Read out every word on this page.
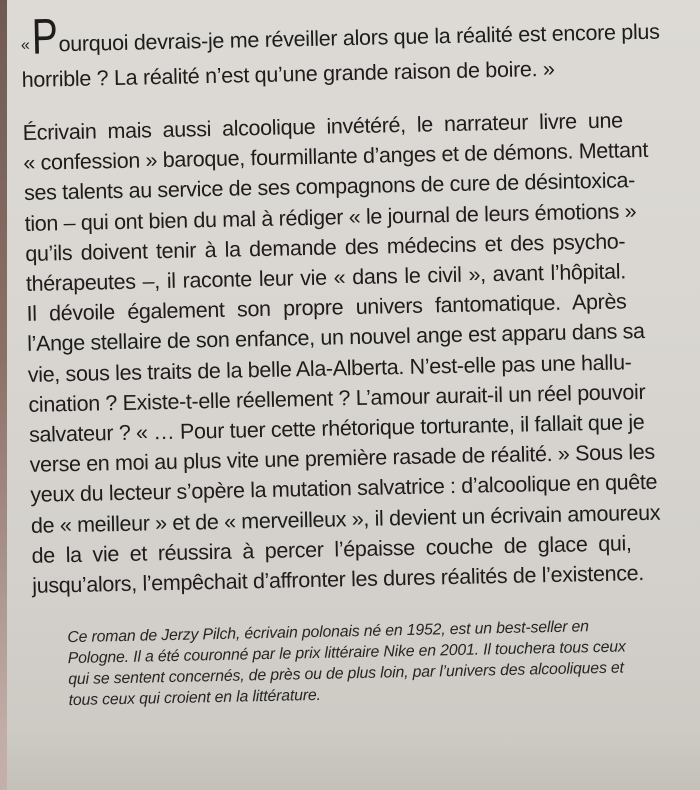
«Pourquoi devrais-je me réveiller alors que la réalité est encore plus
horrible ? La réalité n’est qu’une grande raison de boire. »
Écrivain mais aussi alcoolique invétéré, le narrateur livre une
« confession » baroque, fourmillante d’anges et de démons. Mettant
ses talents au service de ses compagnons de cure de désintoxica-
tion – qui ont bien du mal à rédiger « le journal de leurs émotions »
qu’ils doivent tenir à la demande des médecins et des psycho-
thérapeutes –, il raconte leur vie « dans le civil », avant l’hôpital.
Il dévoile également son propre univers fantomatique. Après
l’Ange stellaire de son enfance, un nouvel ange est apparu dans sa
vie, sous les traits de la belle Ala-Alberta. N’est-elle pas une hallu-
cination ? Existe-t-elle réellement ? L’amour aurait-il un réel pouvoir
salvateur ? « … Pour tuer cette rhétorique torturante, il fallait que je
verse en moi au plus vite une première rasade de réalité. » Sous les
yeux du lecteur s’opère la mutation salvatrice : d’alcoolique en quête
de « meilleur » et de « merveilleux », il devient un écrivain amoureux
de la vie et réussira à percer l’épaisse couche de glace qui,
jusqu’alors, l’empêchait d’affronter les dures réalités de l’existence.
Ce roman de Jerzy Pilch, écrivain polonais né en 1952, est un best-seller en
Pologne. Il a été couronné par le prix littéraire Nike en 2001. Il touchera tous ceux
qui se sentent concernés, de près ou de plus loin, par l’univers des alcooliques et
tous ceux qui croient en la littérature.
